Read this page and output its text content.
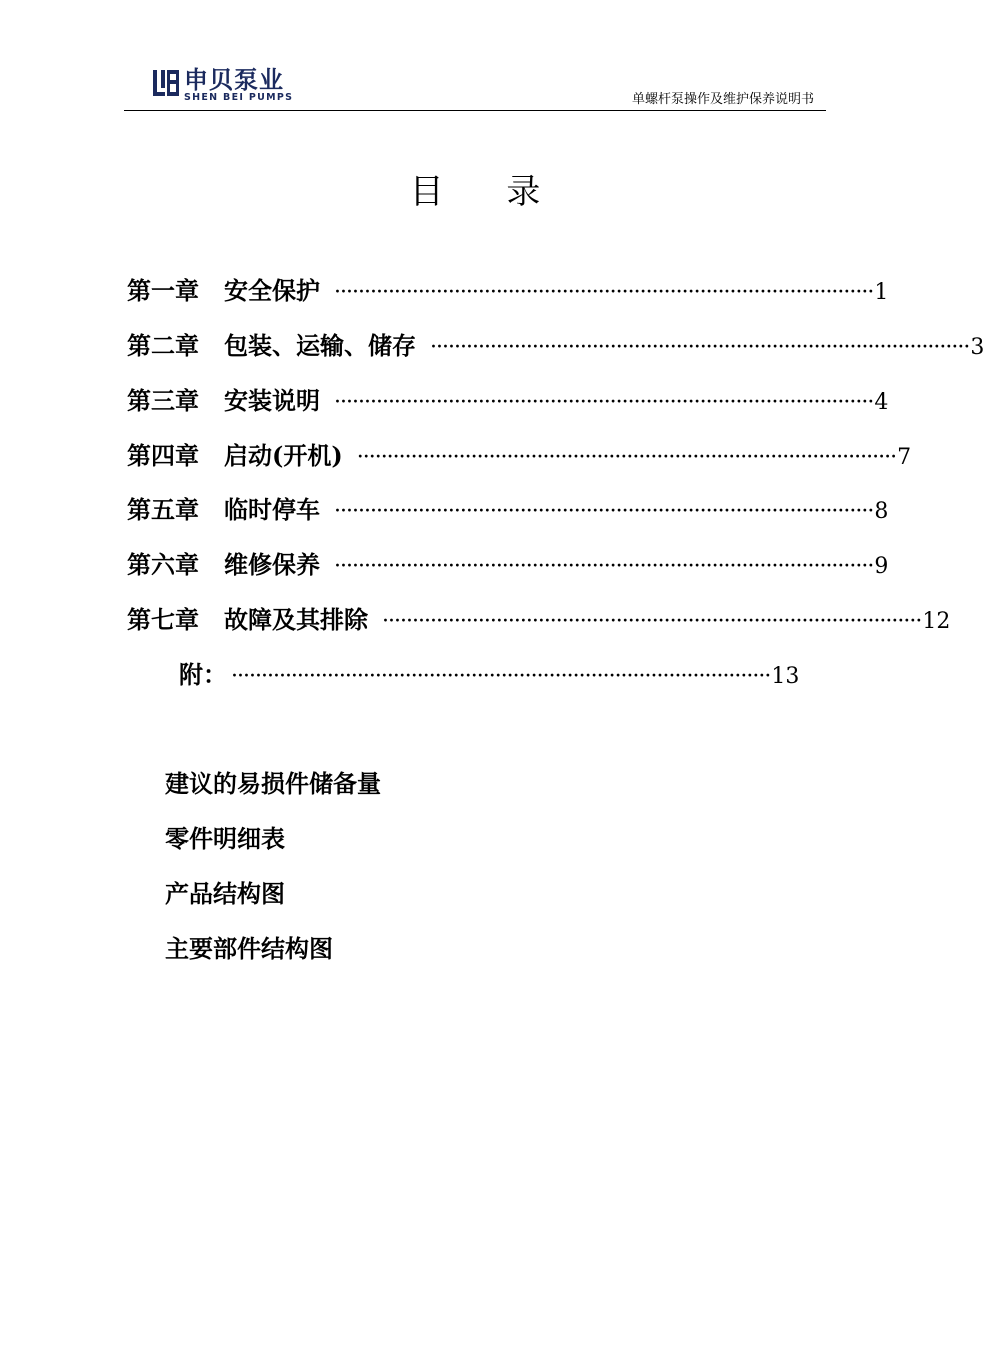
申贝泵业
SHEN BEI PUMPS	单螺杆泵操作及维护保养说明书
目 录
第一章 安全保护 ·························································································· 1
第二章 包装、运输、储存 ·························································································· 3
第三章 安装说明 ·························································································· 4
第四章 启动(开机) ·························································································· 7
第五章 临时停车 ·························································································· 8
第六章 维修保养 ·························································································· 9
第七章 故障及其排除 ·························································································· 12
附： ·························································································· 13
建议的易损件储备量
零件明细表
产品结构图
主要部件结构图
